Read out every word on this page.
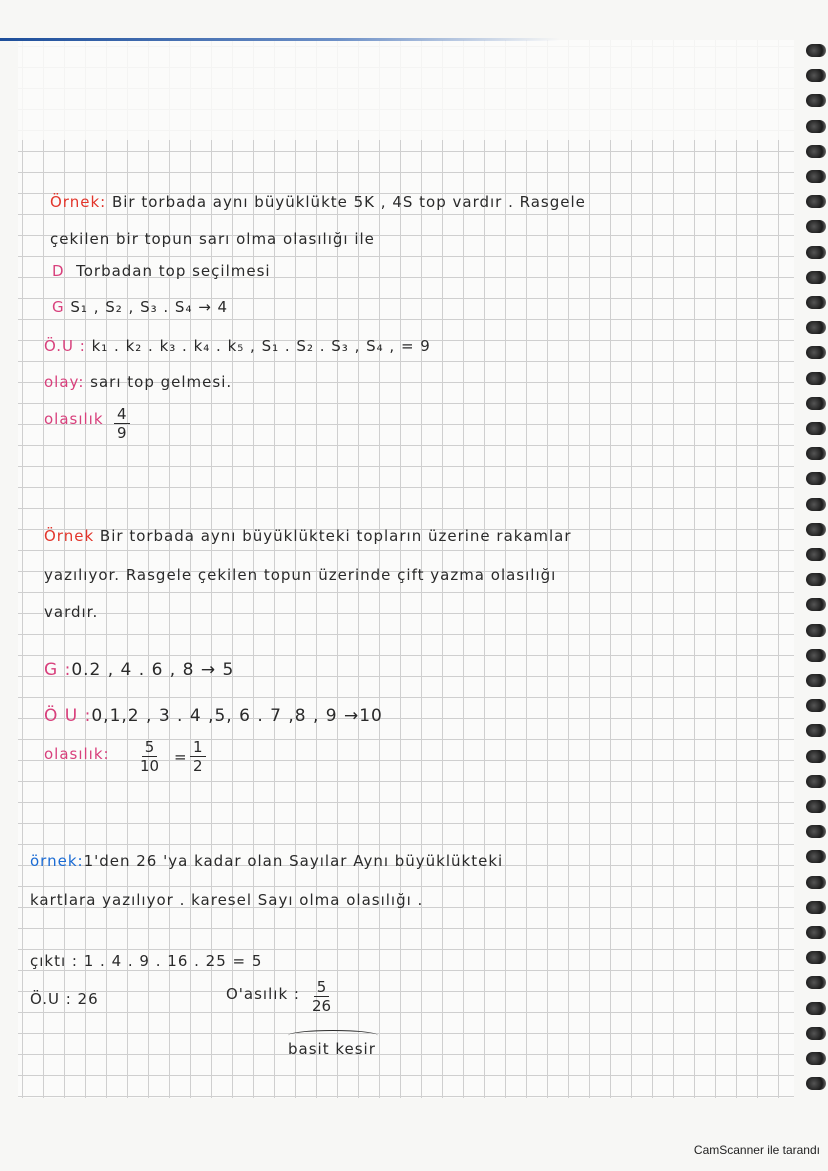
Örnek: Bir torbada aynı büyüklükte 5K , 4S top vardır . Rasgele
çekilen bir topun sarı olma olasılığı ile
D Torbadan top seçilmesi
G S₁ , S₂ , S₃ . S₄ → 4
Ö.U : k₁ . k₂ . k₃ . k₄ . k₅ , S₁ . S₂ . S₃ , S₄ , = 9
olay: sarı top gelmesi.
olasılık $\frac{4}{9}$
Örnek Bir torbada aynı büyüklükteki topların üzerine rakamlar
yazılıyor. Rasgele çekilen topun üzerinde çift yazma olasılığı
vardır.
G :0.2 , 4 . 6 , 8 → 5
Ö U :0,1,2 , 3 . 4 ,5, 6 . 7 ,8 , 9 →10
olasılık: $\frac{5}{10} = \frac{1}{2}$
örnek:1'den 26 'ya kadar olan Sayılar Aynı büyüklükteki
kartlara yazılıyor . karesel Sayı olma olasılığı .
çıktı : 1 . 4 . 9 . 16 . 25 = 5
Ö.U : 26	O'asılık : $\frac{5}{26}$
basit kesir
CamScanner ile tarandı
